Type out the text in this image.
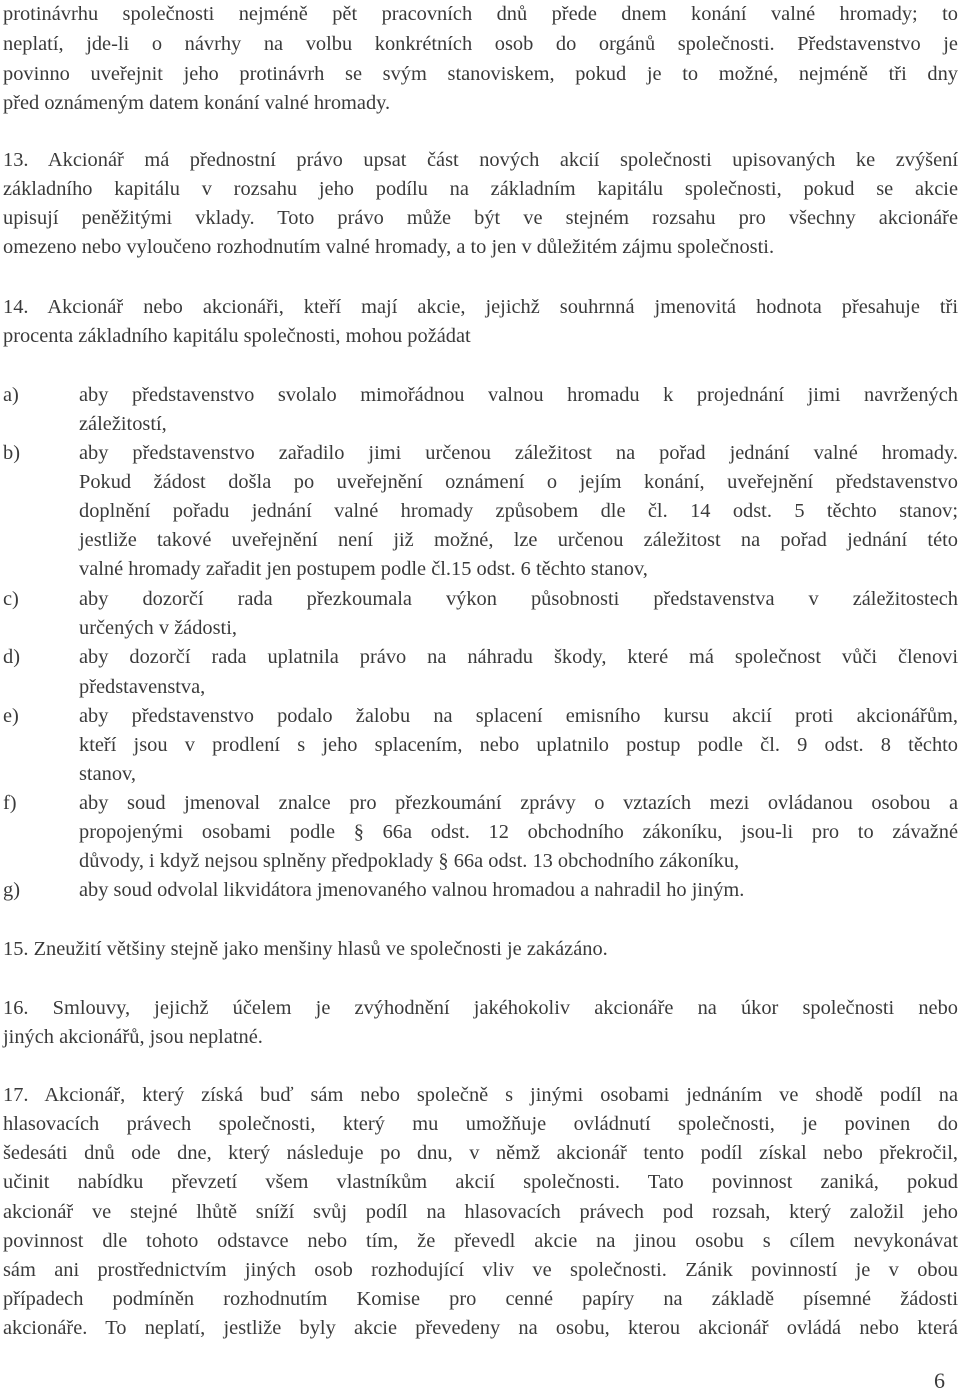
protinávrhu společnosti nejméně pět pracovních dnů přede dnem konání valné hromady; to
neplatí, jde-li o návrhy na volbu konkrétních osob do orgánů společnosti. Představenstvo je
povinno uveřejnit jeho protinávrh se svým stanoviskem, pokud je to možné, nejméně tři dny
před oznámeným datem konání valné hromady.
13. Akcionář má přednostní právo upsat část nových akcií společnosti upisovaných ke zvýšení
základního kapitálu v rozsahu jeho podílu na základním kapitálu společnosti, pokud se akcie
upisují peněžitými vklady. Toto právo může být ve stejném rozsahu pro všechny akcionáře
omezeno nebo vyloučeno rozhodnutím valné hromady, a to jen v důležitém zájmu společnosti.
14. Akcionář nebo akcionáři, kteří mají akcie, jejichž souhrnná jmenovitá hodnota přesahuje tři
procenta základního kapitálu společnosti, mohou požádat
a)	aby představenstvo svolalo mimořádnou valnou hromadu k projednání jimi navržených
záležitostí,
b)	aby představenstvo zařadilo jimi určenou záležitost na pořad jednání valné hromady.
Pokud žádost došla po uveřejnění oznámení o jejím konání, uveřejnění představenstvo
doplnění pořadu jednání valné hromady způsobem dle čl. 14 odst. 5 těchto stanov;
jestliže takové uveřejnění není již možné, lze určenou záležitost na pořad jednání této
valné hromady zařadit jen postupem podle čl.15 odst. 6 těchto stanov,
c)	aby dozorčí rada přezkoumala výkon působnosti představenstva v záležitostech
určených v žádosti,
d)	aby dozorčí rada uplatnila právo na náhradu škody, které má společnost vůči členovi
představenstva,
e)	aby představenstvo podalo žalobu na splacení emisního kursu akcií proti akcionářům,
kteří jsou v prodlení s jeho splacením, nebo uplatnilo postup podle čl. 9 odst. 8 těchto
stanov,
f)	aby soud jmenoval znalce pro přezkoumání zprávy o vztazích mezi ovládanou osobou a
propojenými osobami podle § 66a odst. 12 obchodního zákoníku, jsou-li pro to závažné
důvody, i když nejsou splněny předpoklady § 66a odst. 13 obchodního zákoníku,
g)	aby soud odvolal likvidátora jmenovaného valnou hromadou a nahradil ho jiným.
15. Zneužití většiny stejně jako menšiny hlasů ve společnosti je zakázáno.
16. Smlouvy, jejichž účelem je zvýhodnění jakéhokoliv akcionáře na úkor společnosti nebo
jiných akcionářů, jsou neplatné.
17. Akcionář, který získá buď sám nebo společně s jinými osobami jednáním ve shodě podíl na
hlasovacích právech společnosti, který mu umožňuje ovládnutí společnosti, je povinen do
šedesáti dnů ode dne, který následuje po dnu, v němž akcionář tento podíl získal nebo překročil,
učinit nabídku převzetí všem vlastníkům akcií společnosti. Tato povinnost zaniká, pokud
akcionář ve stejné lhůtě sníží svůj podíl na hlasovacích právech pod rozsah, který založil jeho
povinnost dle tohoto odstavce nebo tím, že převedl akcie na jinou osobu s cílem nevykonávat
sám ani prostřednictvím jiných osob rozhodující vliv ve společnosti. Zánik povinností je v obou
případech podmíněn rozhodnutím Komise pro cenné papíry na základě písemné žádosti
akcionáře. To neplatí, jestliže byly akcie převedeny na osobu, kterou akcionář ovládá nebo která
6
